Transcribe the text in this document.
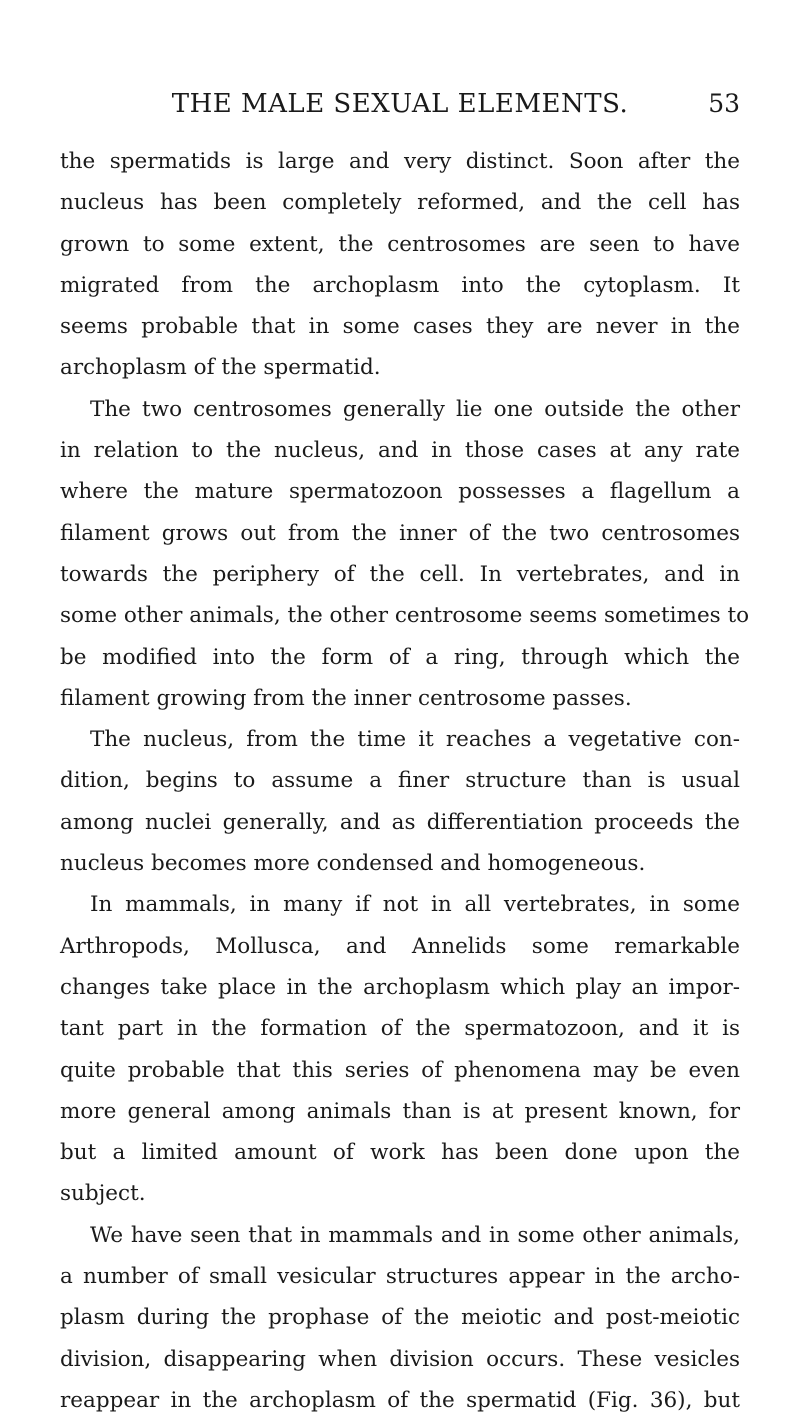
THE MALE SEXUAL ELEMENTS.	53

the spermatids is large and very distinct. Soon after the
nucleus has been completely reformed, and the cell has
grown to some extent, the centrosomes are seen to have
migrated from the archoplasm into the cytoplasm. It
seems probable that in some cases they are never in the
archoplasm of the spermatid.

The two centrosomes generally lie one outside the other
in relation to the nucleus, and in those cases at any rate
where the mature spermatozoon possesses a flagellum a
filament grows out from the inner of the two centrosomes
towards the periphery of the cell. In vertebrates, and in
some other animals, the other centrosome seems sometimes to
be modified into the form of a ring, through which the
filament growing from the inner centrosome passes.

The nucleus, from the time it reaches a vegetative con-
dition, begins to assume a finer structure than is usual
among nuclei generally, and as differentiation proceeds the
nucleus becomes more condensed and homogeneous.

In mammals, in many if not in all vertebrates, in some
Arthropods, Mollusca, and Annelids some remarkable
changes take place in the archoplasm which play an impor-
tant part in the formation of the spermatozoon, and it is
quite probable that this series of phenomena may be even
more general among animals than is at present known, for
but a limited amount of work has been done upon the
subject.

We have seen that in mammals and in some other animals,
a number of small vesicular structures appear in the archo-
plasm during the prophase of the meiotic and post-meiotic
division, disappearing when division occurs. These vesicles
reappear in the archoplasm of the spermatid (Fig. 36), but
